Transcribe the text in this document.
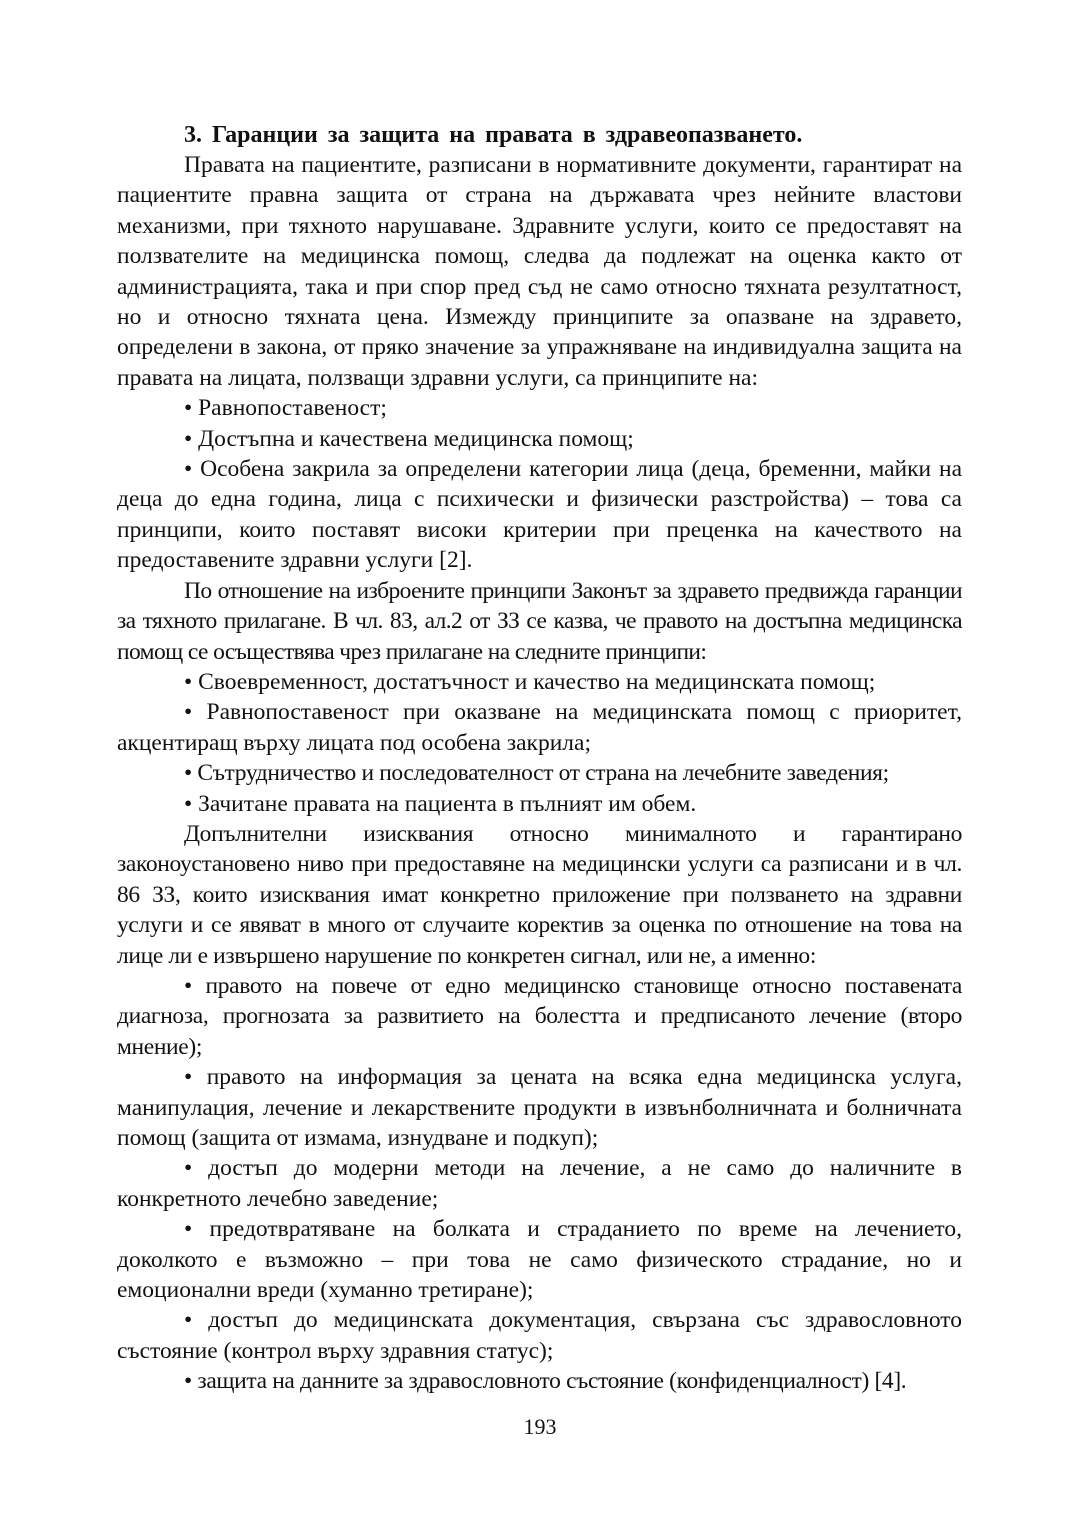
3. Гаранции за защита на правата в здравеопазването.

Правата на пациентите, разписани в нормативните документи, гарантират на пациентите правна защита от страна на държавата чрез нейните властови механизми, при тяхното нарушаване. Здравните услуги, които се предоставят на ползвателите на медицинска помощ, следва да подлежат на оценка както от администрацията, така и при спор пред съд не само относно тяхната резултатност, но и относно тяхната цена. Измежду принципите за опазване на здравето, определени в закона, от пряко значение за упражняване на индивидуална защита на правата на лицата, ползващи здравни услуги, са принципите на:

• Равнопоставеност;

• Достъпна и качествена медицинска помощ;

• Особена закрила за определени категории лица (деца, бременни, майки на деца до една година, лица с психически и физически разстройства) – това са принципи, които поставят високи критерии при преценка на качеството на предоставените здравни услуги [2].

По отношение на изброените принципи Законът за здравето предвижда гаранции за тяхното прилагане. В чл. 83, ал.2 от ЗЗ се казва, че правото на достъпна медицинска помощ се осъществява чрез прилагане на следните принципи:

• Своевременност, достатъчност и качество на медицинската помощ;

• Равнопоставеност при оказване на медицинската помощ с приоритет, акцентиращ върху лицата под особена закрила;

• Сътрудничество и последователност от страна на лечебните заведения;

• Зачитане правата на пациента в пълният им обем.

Допълнителни изисквания относно минималното и гарантирано законоустановено ниво при предоставяне на медицински услуги са разписани и в чл. 86 ЗЗ, които изисквания имат конкретно приложение при ползването на здравни услуги и се явяват в много от случаите коректив за оценка по отношение на това на лице ли е извършено нарушение по конкретен сигнал, или не, а именно:

• правото на повече от едно медицинско становище относно поставената диагноза, прогнозата за развитието на болестта и предписаното лечение (второ мнение);

• правото на информация за цената на всяка една медицинска услуга, манипулация, лечение и лекарствените продукти в извънболничната и болничната помощ (защита от измама, изнудване и подкуп);

• достъп до модерни методи на лечение, а не само до наличните в конкретното лечебно заведение;

• предотвратяване на болката и страданието по време на лечението, доколкото е възможно – при това не само физическото страдание, но и емоционални вреди (хуманно третиране);

• достъп до медицинската документация, свързана със здравословното състояние (контрол върху здравния статус);

• защита на данните за здравословното състояние (конфиденциалност) [4].

193
